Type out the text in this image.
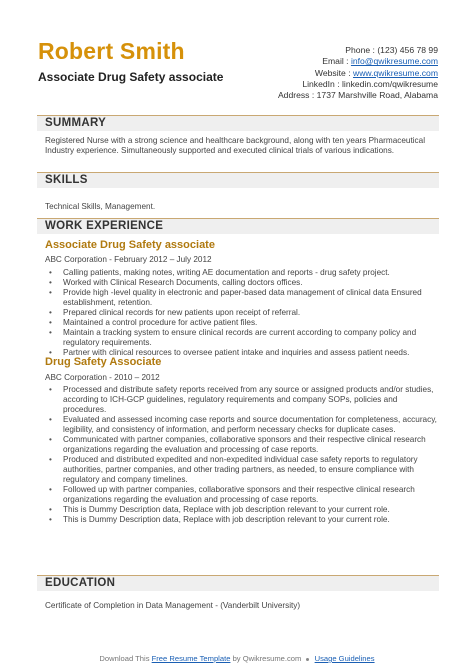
Robert Smith
Associate Drug Safety associate
Phone : (123) 456 78 99
Email : info@qwikresume.com
Website : www.qwikresume.com
LinkedIn : linkedin.com/qwikresume
Address : 1737 Marshville Road, Alabama
SUMMARY
Registered Nurse with a strong science and healthcare background, along with ten years Pharmaceutical Industry experience. Simultaneously supported and executed clinical trials of various indications.
SKILLS
Technical Skills, Management.
WORK EXPERIENCE
Associate Drug Safety associate
ABC Corporation - February 2012 – July 2012
• Calling patients, making notes, writing AE documentation and reports - drug safety project.
• Worked with Clinical Research Documents, calling doctors offices.
• Provide high -level quality in electronic and paper-based data management of clinical data Ensured establishment, retention.
• Prepared clinical records for new patients upon receipt of referral.
• Maintained a control procedure for active patient files.
• Maintain a tracking system to ensure clinical records are current according to company policy and regulatory requirements.
• Partner with clinical resources to oversee patient intake and inquiries and assess patient needs.
Drug Safety Associate
ABC Corporation - 2010 – 2012
• Processed and distribute safety reports received from any source or assigned products and/or studies, according to ICH-GCP guidelines, regulatory requirements and company SOPs, policies and procedures.
• Evaluated and assessed incoming case reports and source documentation for completeness, accuracy, legibility, and consistency of information, and perform necessary checks for duplicate cases.
• Communicated with partner companies, collaborative sponsors and their respective clinical research organizations regarding the evaluation and processing of case reports.
• Produced and distributed expedited and non-expedited individual case safety reports to regulatory authorities, partner companies, and other trading partners, as needed, to ensure compliance with regulatory and company timelines.
• Followed up with partner companies, collaborative sponsors and their respective clinical research organizations regarding the evaluation and processing of case reports.
• This is Dummy Description data, Replace with job description relevant to your current role.
• This is Dummy Description data, Replace with job description relevant to your current role.
EDUCATION
Certificate of Completion in Data Management - (Vanderbilt University)
Download This Free Resume Template by Qwikresume.com Usage Guidelines
